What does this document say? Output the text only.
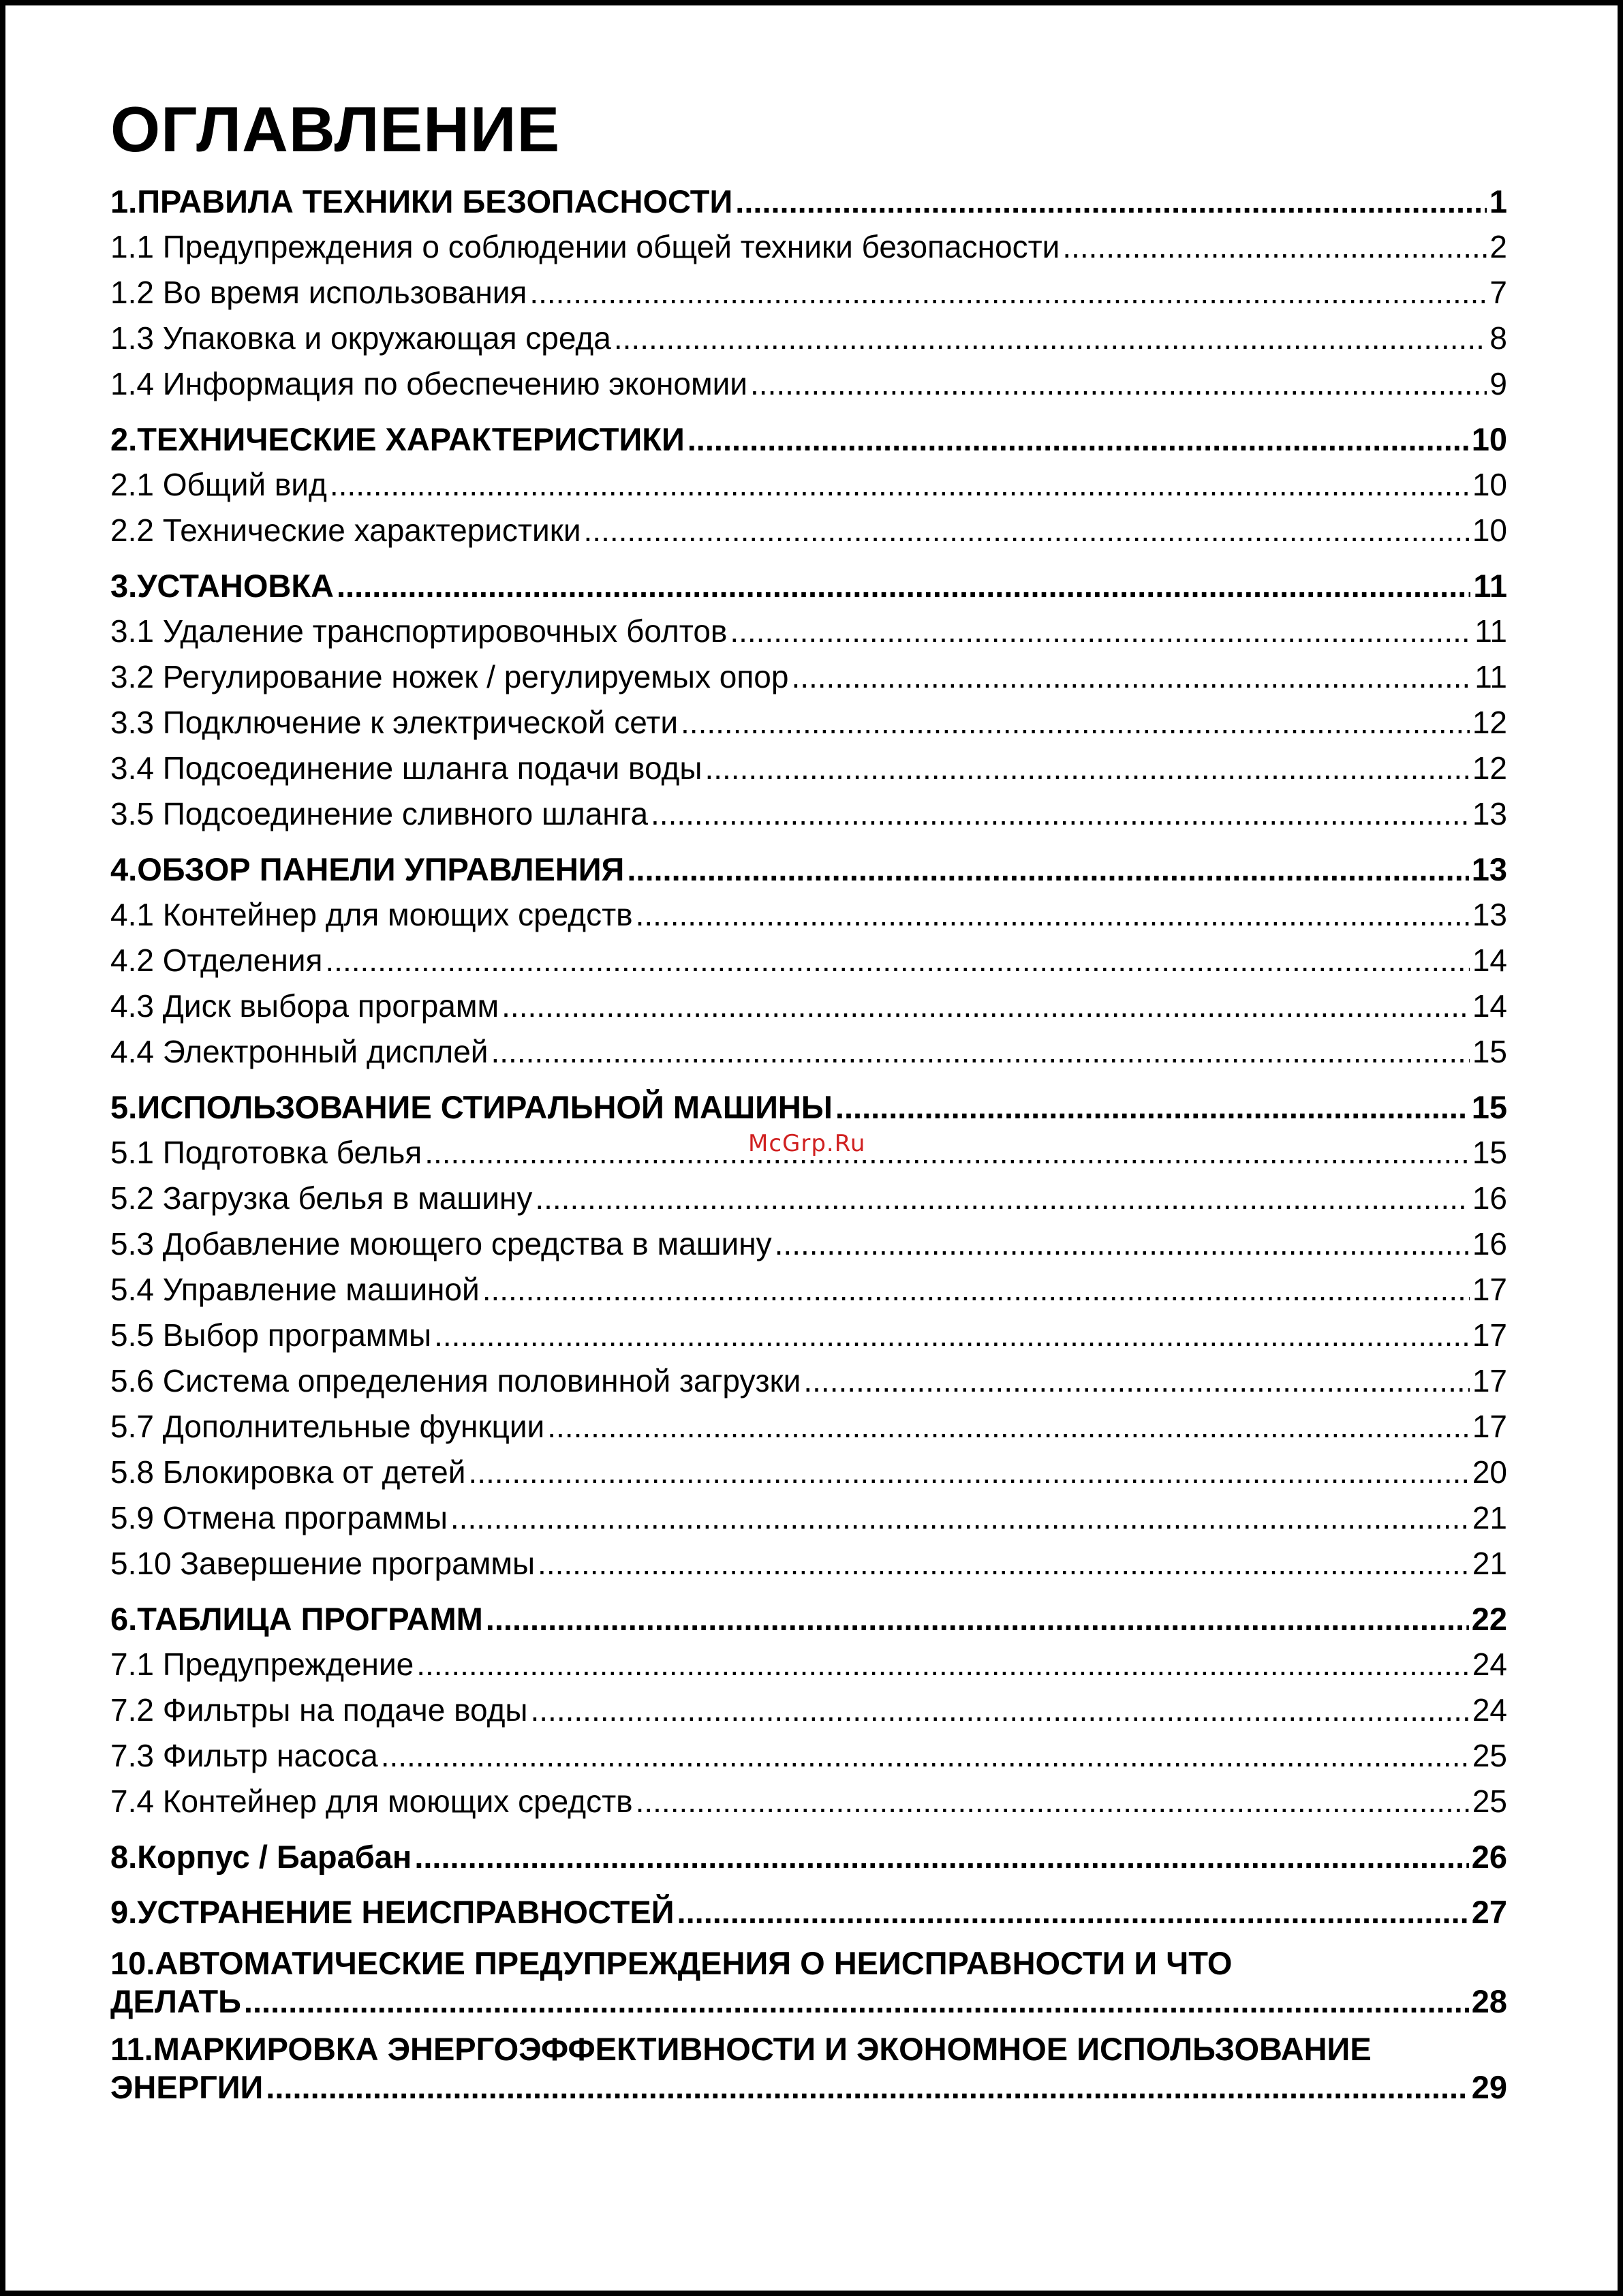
ОГЛАВЛЕНИЕ
1.ПРАВИЛА ТЕХНИКИ БЕЗОПАСНОСТИ .....	1
1.1 Предупреждения о соблюдении общей техники безопасности .....	2
1.2 Во время использования .....	7
1.3 Упаковка и окружающая среда .....	8
1.4 Информация по обеспечению экономии .....	9
2.ТЕХНИЧЕСКИЕ ХАРАКТЕРИСТИКИ .....	10
2.1 Общий вид .....	10
2.2 Технические характеристики .....	10
3.УСТАНОВКА .....	11
3.1 Удаление транспортировочных болтов .....	11
3.2 Регулирование ножек / регулируемых опор .....	11
3.3 Подключение к электрической сети .....	12
3.4 Подсоединение шланга подачи воды .....	12
3.5 Подсоединение сливного шланга .....	13
4.ОБЗОР ПАНЕЛИ УПРАВЛЕНИЯ .....	13
4.1 Контейнер для моющих средств .....	13
4.2 Отделения .....	14
4.3 Диск выбора программ .....	14
4.4 Электронный дисплей .....	15
5.ИСПОЛЬЗОВАНИЕ СТИРАЛЬНОЙ МАШИНЫ .....	15
5.1 Подготовка белья .....	15
5.2 Загрузка белья в машину .....	16
5.3 Добавление моющего средства в машину .....	16
5.4 Управление машиной .....	17
5.5 Выбор программы .....	17
5.6 Система определения половинной загрузки .....	17
5.7 Дополнительные функции .....	17
5.8 Блокировка от детей .....	20
5.9 Отмена программы .....	21
5.10 Завершение программы .....	21
6.ТАБЛИЦА ПРОГРАММ .....	22
7.1 Предупреждение .....	24
7.2 Фильтры на подаче воды .....	24
7.3 Фильтр насоса .....	25
7.4 Контейнер для моющих средств .....	25
8.Корпус / Барабан .....	26
9.УСТРАНЕНИЕ НЕИСПРАВНОСТЕЙ .....	27
10.АВТОМАТИЧЕСКИЕ ПРЕДУПРЕЖДЕНИЯ О НЕИСПРАВНОСТИ И ЧТО
ДЕЛАТЬ .....	28
11.МАРКИРОВКА ЭНЕРГОЭФФЕКТИВНОСТИ И ЭКОНОМНОЕ ИСПОЛЬЗОВАНИЕ
ЭНЕРГИИ .....	29
McGrp.Ru
